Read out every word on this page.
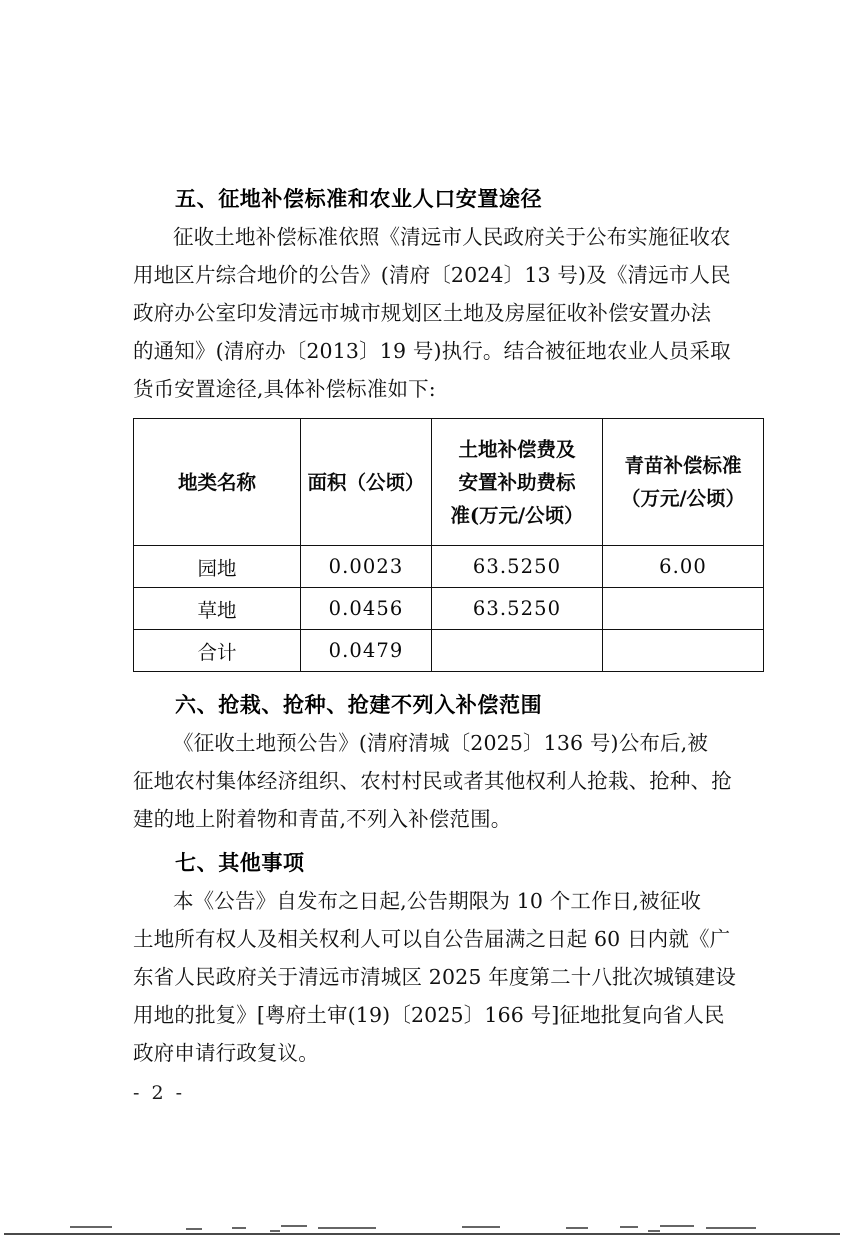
五、征地补偿标准和农业人口安置途径

征收土地补偿标准依照《清远市人民政府关于公布实施征收农
用地区片综合地价的公告》(清府〔2024〕13 号)及《清远市人民
政府办公室印发清远市城市规划区土地及房屋征收补偿安置办法
的通知》(清府办〔2013〕19 号)执行。结合被征地农业人员采取
货币安置途径,具体补偿标准如下:

地类名称	面积（公顷）	土地补偿费及
安置补助费标
准(万元/公顷）	青苗补偿标准
（万元/公顷）

园地	0.0023	63.5250	6.00
草地	0.0456	63.5250	
合计	0.0479		
六、抢栽、抢种、抢建不列入补偿范围

《征收土地预公告》(清府清城〔2025〕136 号)公布后,被
征地农村集体经济组织、农村村民或者其他权利人抢栽、抢种、抢
建的地上附着物和青苗,不列入补偿范围。

七、其他事项

本《公告》自发布之日起,公告期限为 10 个工作日,被征收
土地所有权人及相关权利人可以自公告届满之日起 60 日内就《广
东省人民政府关于清远市清城区 2025 年度第二十八批次城镇建设
用地的批复》[粤府土审(19)〔2025〕166 号]征地批复向省人民
政府申请行政复议。

- 2 -
